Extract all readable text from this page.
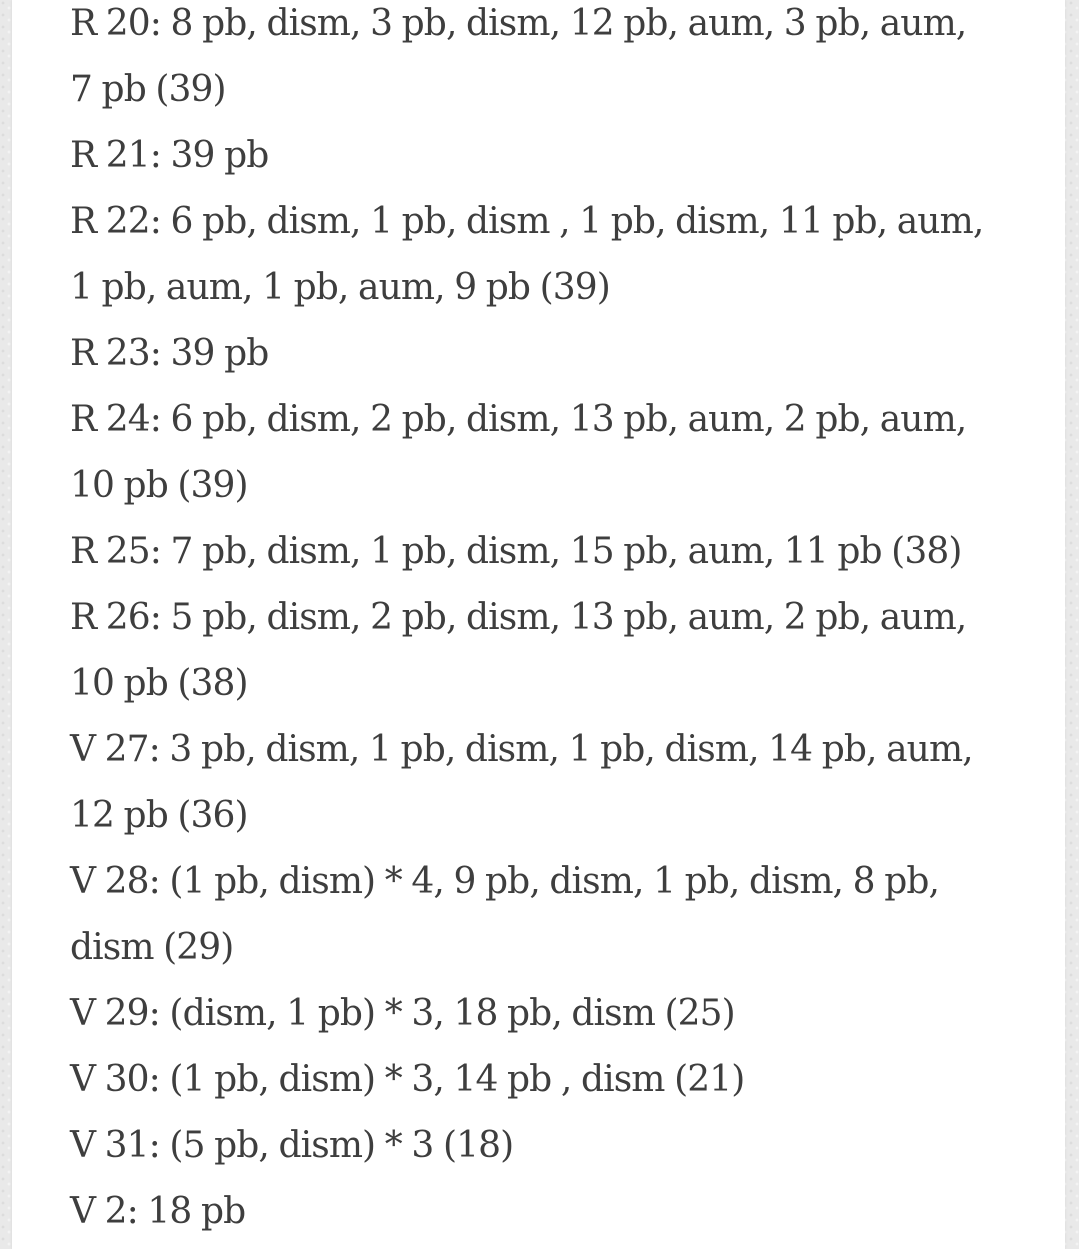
R 20: 8 pb, dism, 3 pb, dism, 12 pb, aum, 3 pb, aum,
7 pb (39)
R 21: 39 pb
R 22: 6 pb, dism, 1 pb, dism , 1 pb, dism, 11 pb, aum,
1 pb, aum, 1 pb, aum, 9 pb (39)
R 23: 39 pb
R 24: 6 pb, dism, 2 pb, dism, 13 pb, aum, 2 pb, aum,
10 pb (39)
R 25: 7 pb, dism, 1 pb, dism, 15 pb, aum, 11 pb (38)
R 26: 5 pb, dism, 2 pb, dism, 13 pb, aum, 2 pb, aum,
10 pb (38)
V 27: 3 pb, dism, 1 pb, dism, 1 pb, dism, 14 pb, aum,
12 pb (36)
V 28: (1 pb, dism) * 4, 9 pb, dism, 1 pb, dism, 8 pb,
dism (29)
V 29: (dism, 1 pb) * 3, 18 pb, dism (25)
V 30: (1 pb, dism) * 3, 14 pb , dism (21)
V 31: (5 pb, dism) * 3 (18)
V 2: 18 pb
